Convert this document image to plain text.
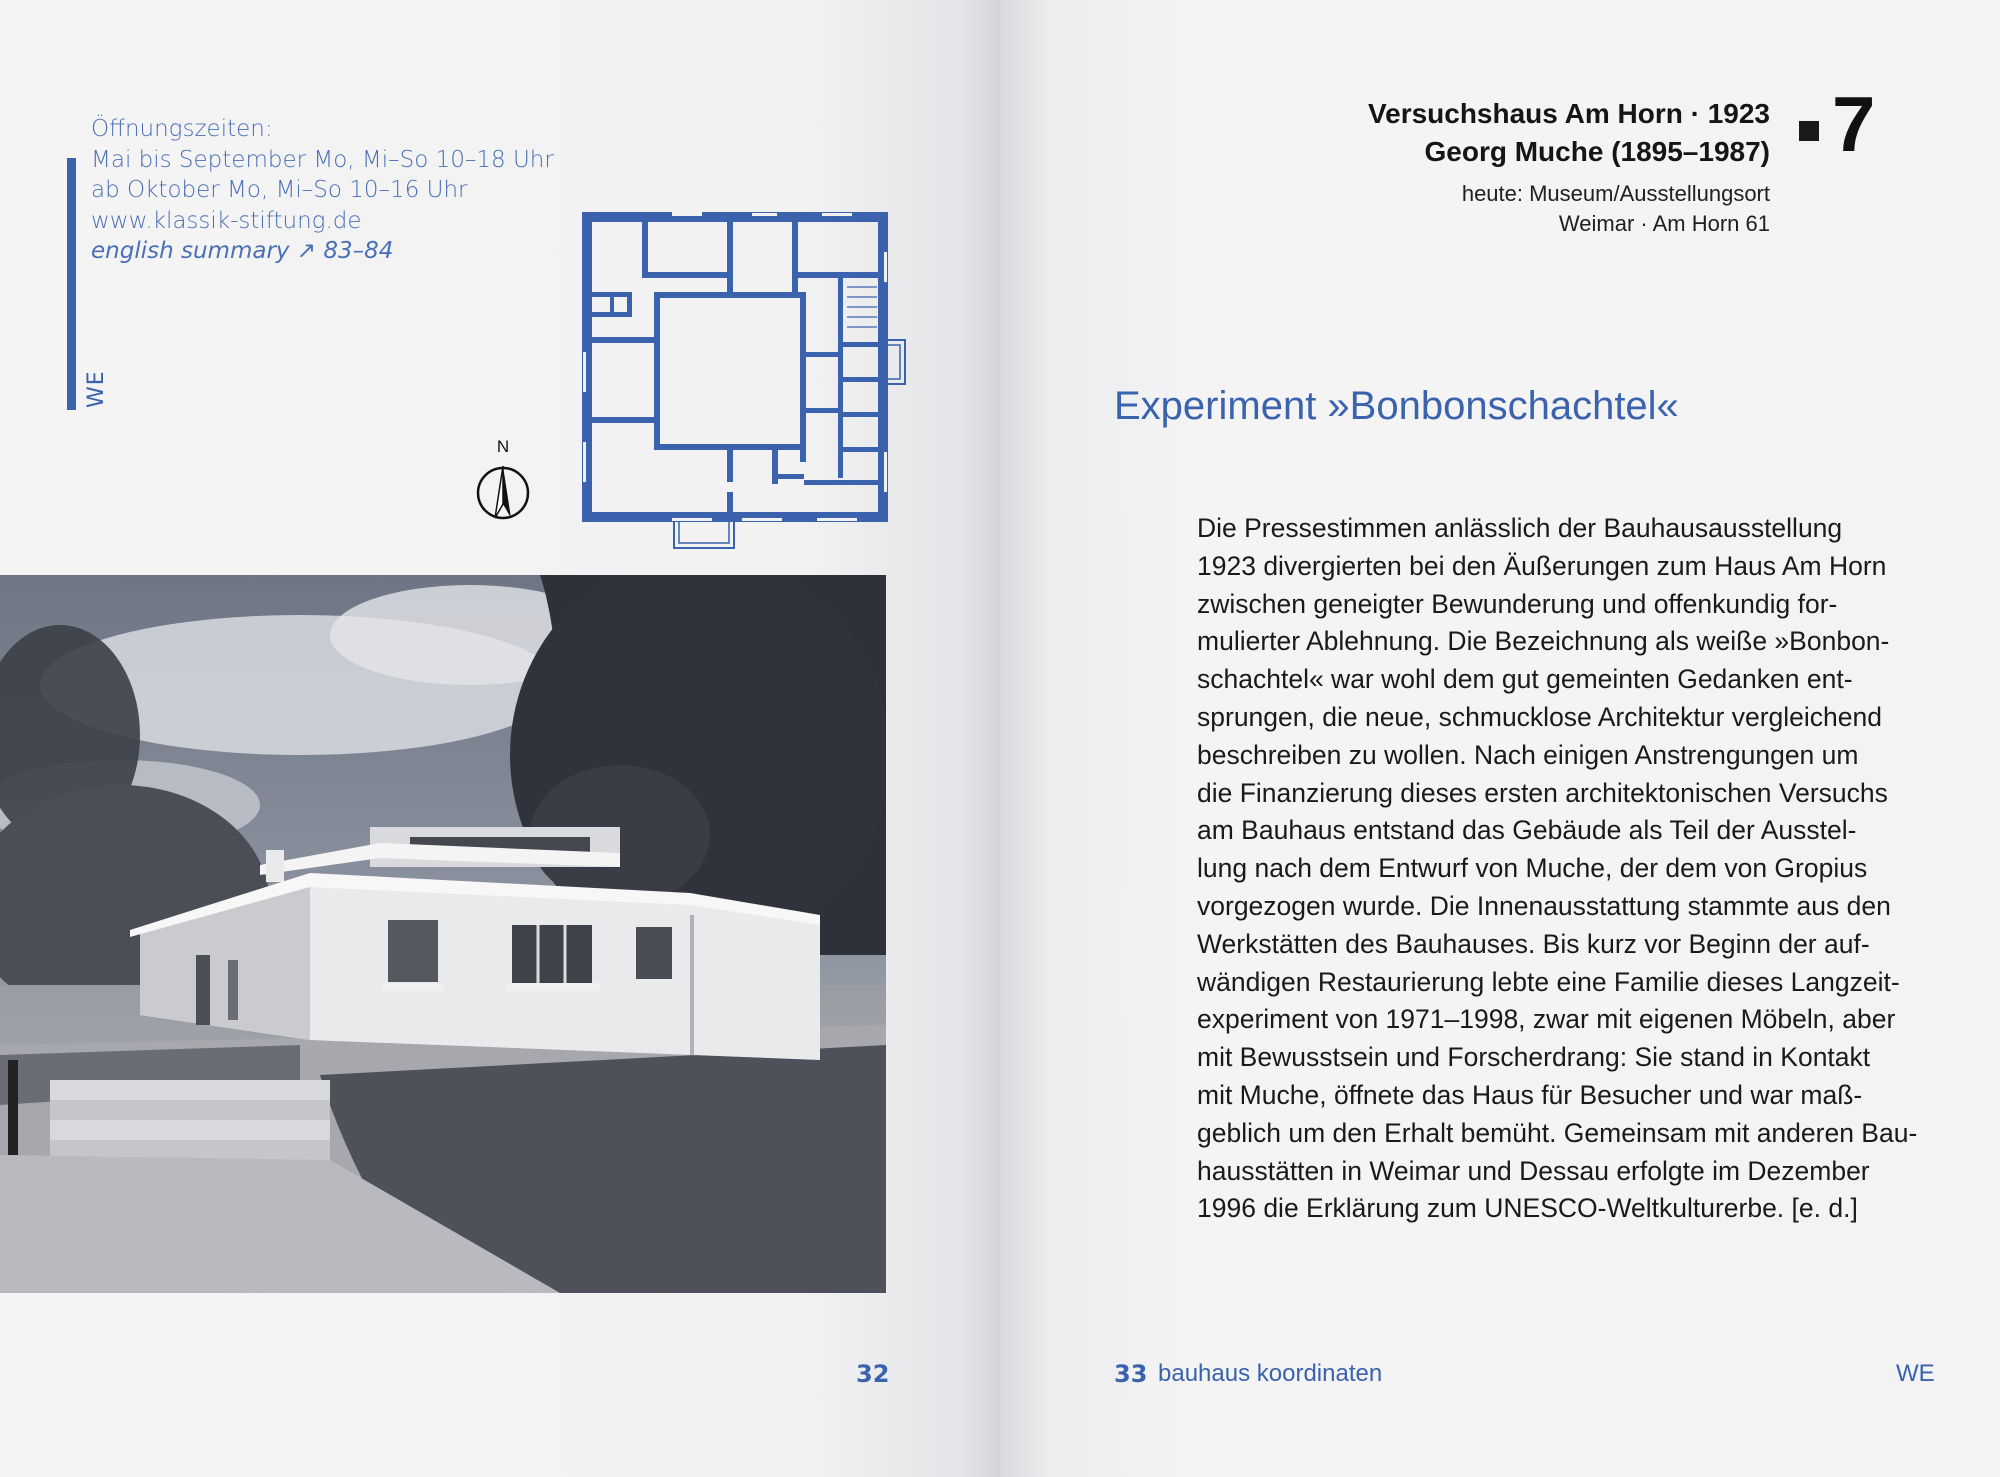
Öffnungszeiten:
Mai bis September Mo, Mi–So 10–18 Uhr
ab Oktober Mo, Mi–So 10–16 Uhr
www.klassik-stiftung.de
english summary ↗ 83–84
WE
N
32
Versuchshaus Am Horn · 1923
Georg Muche (1895–1987)
heute: Museum/Ausstellungsort
Weimar · Am Horn 61
7
Experiment »Bonbonschachtel«
Die Pressestimmen anlässlich der Bauhausausstellung
1923 divergierten bei den Äußerungen zum Haus Am Horn
zwischen geneigter Bewunderung und offenkundig for-
mulierter Ablehnung. Die Bezeichnung als weiße »Bonbon-
schachtel« war wohl dem gut gemeinten Gedanken ent-
sprungen, die neue, schmucklose Architektur vergleichend
beschreiben zu wollen. Nach einigen Anstrengungen um
die Finanzierung dieses ersten architektonischen Versuchs
am Bauhaus entstand das Gebäude als Teil der Ausstel-
lung nach dem Entwurf von Muche, der dem von Gropius
vorgezogen wurde. Die Innenausstattung stammte aus den
Werkstätten des Bauhauses. Bis kurz vor Beginn der auf-
wändigen Restaurierung lebte eine Familie dieses Langzeit-
experiment von 1971–1998, zwar mit eigenen Möbeln, aber
mit Bewusstsein und Forscherdrang: Sie stand in Kontakt
mit Muche, öffnete das Haus für Besucher und war maß-
geblich um den Erhalt bemüht. Gemeinsam mit anderen Bau-
hausstätten in Weimar und Dessau erfolgte im Dezember
1996 die Erklärung zum UNESCO-Weltkulturerbe. [e. d.]
33 bauhaus koordinaten	WE
